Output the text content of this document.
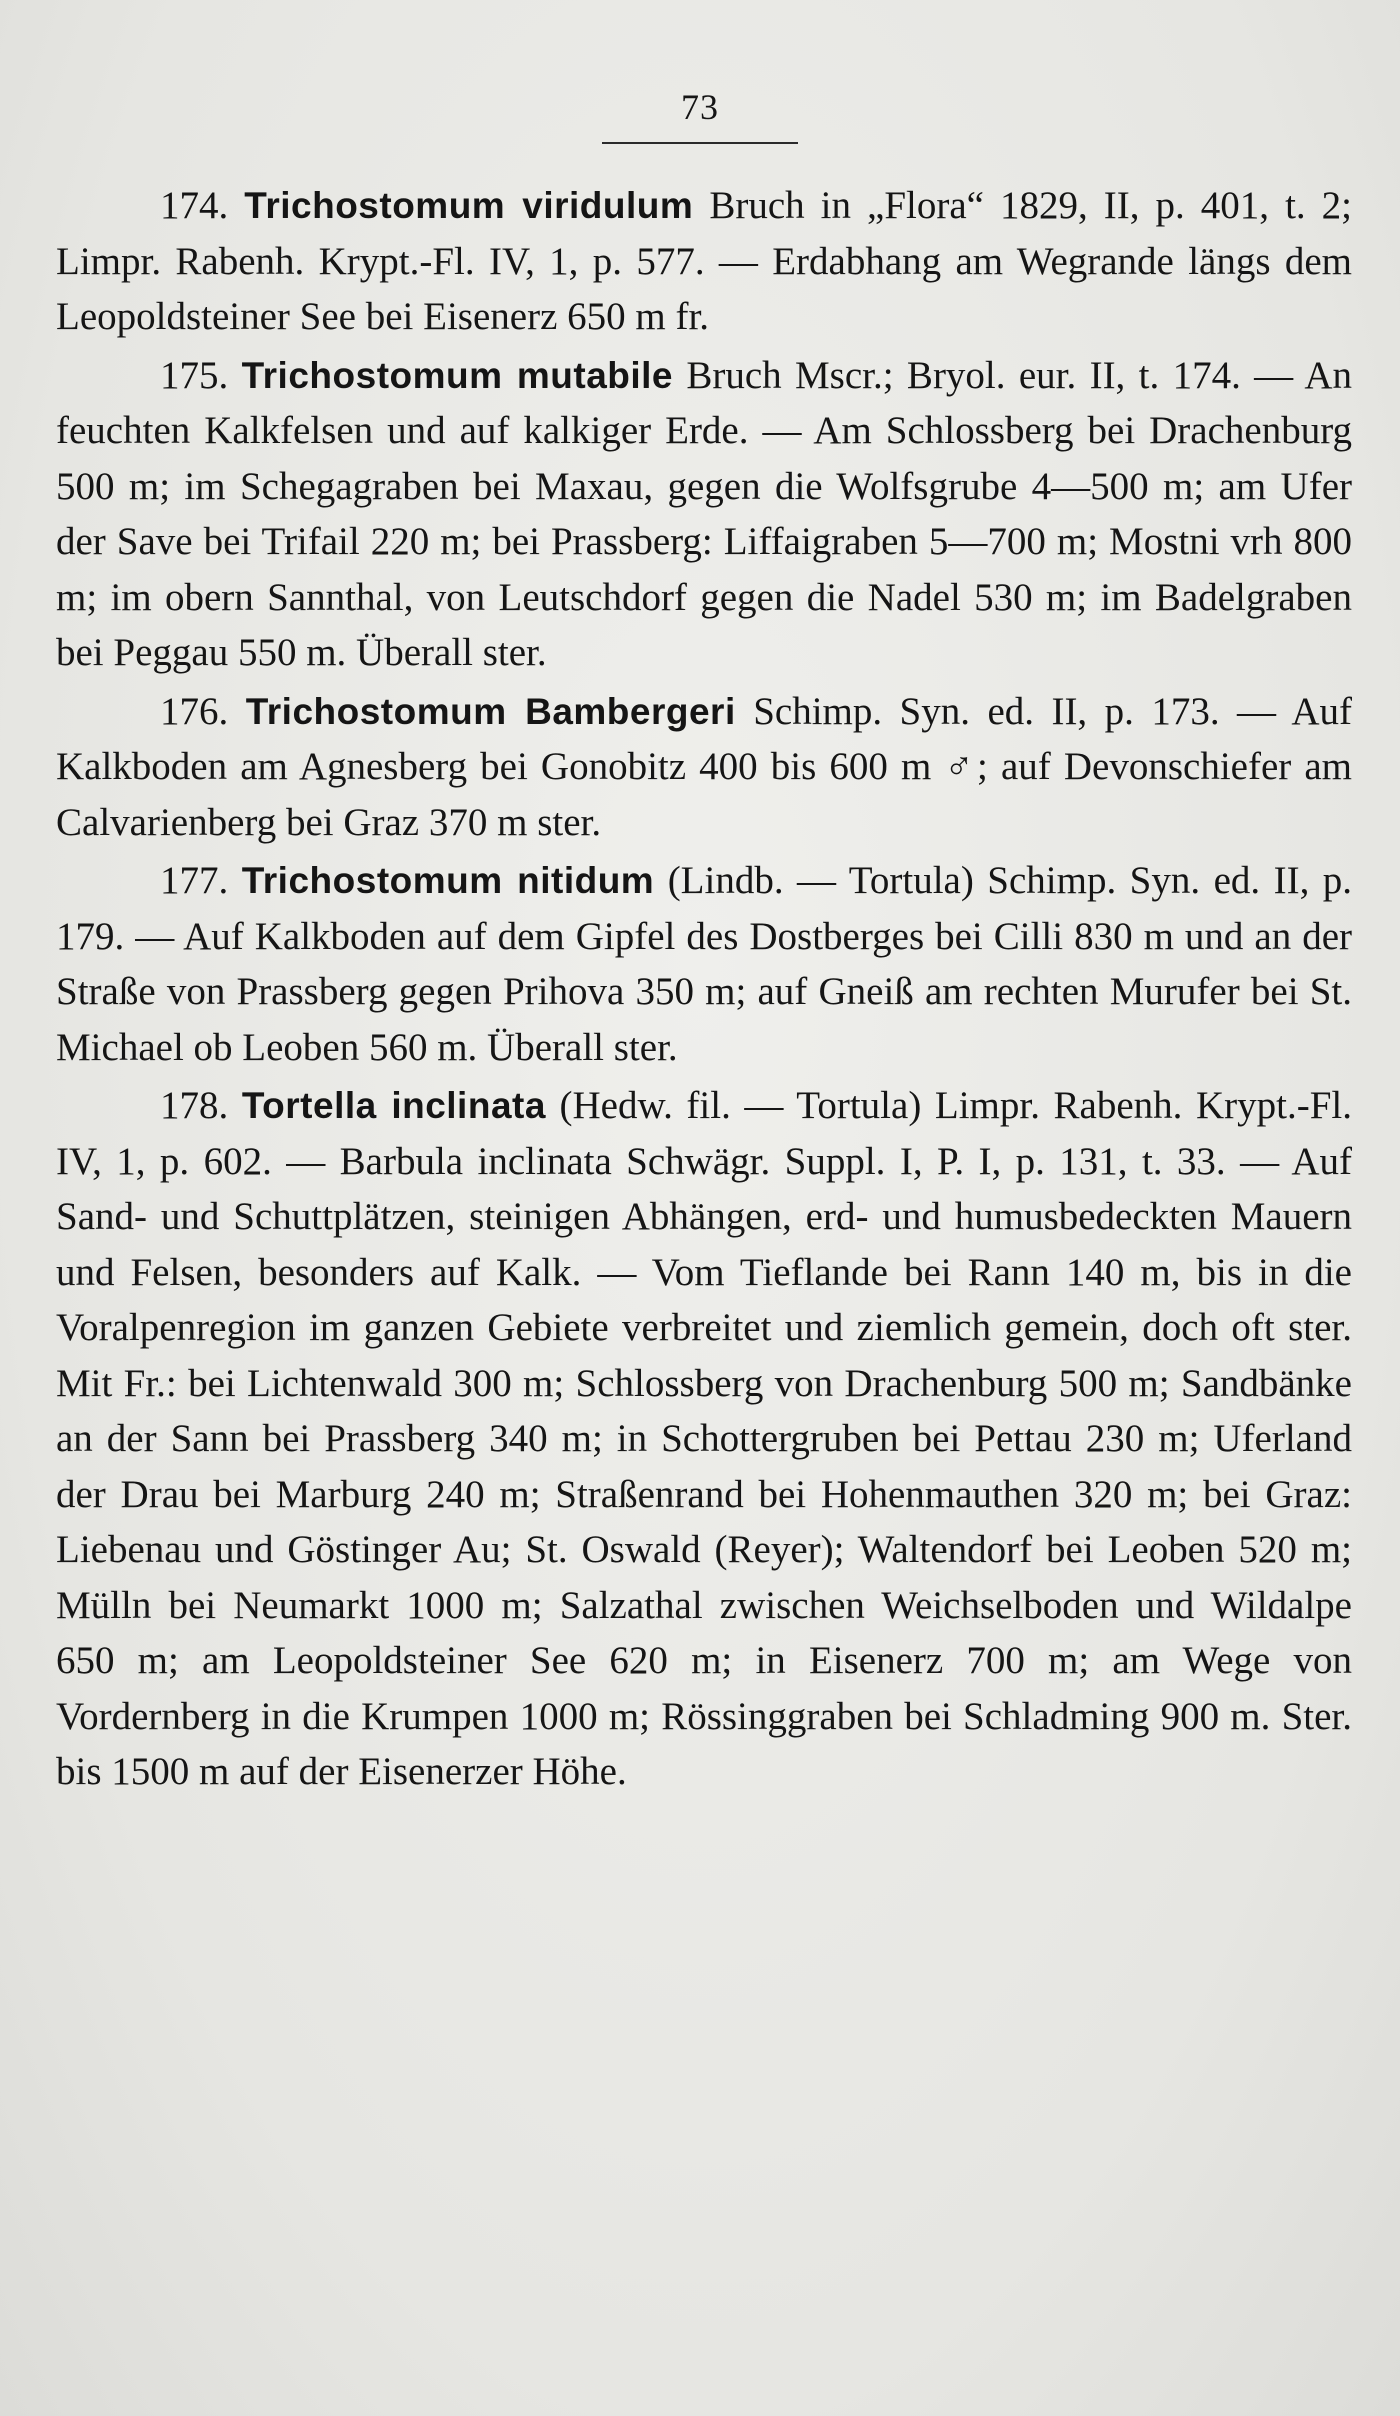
73

174. Trichostomum viridulum Bruch in „Flora“ 1829, II, p. 401, t. 2; Limpr. Rabenh. Krypt.-Fl. IV, 1, p. 577. — Erdabhang am Wegrande längs dem Leopoldsteiner See bei Eisenerz 650 m fr.

175. Trichostomum mutabile Bruch Mscr.; Bryol. eur. II, t. 174. — An feuchten Kalkfelsen und auf kalkiger Erde. — Am Schlossberg bei Drachenburg 500 m; im Schegagraben bei Maxau, gegen die Wolfsgrube 4—500 m; am Ufer der Save bei Trifail 220 m; bei Prassberg: Liffaigraben 5—700 m; Mostni vrh 800 m; im obern Sannthal, von Leutschdorf gegen die Nadel 530 m; im Badelgraben bei Peggau 550 m. Überall ster.

176. Trichostomum Bambergeri Schimp. Syn. ed. II, p. 173. — Auf Kalkboden am Agnesberg bei Gonobitz 400 bis 600 m ♂; auf Devonschiefer am Calvarienberg bei Graz 370 m ster.

177. Trichostomum nitidum (Lindb. — Tortula) Schimp. Syn. ed. II, p. 179. — Auf Kalkboden auf dem Gipfel des Dostberges bei Cilli 830 m und an der Straße von Prassberg gegen Prihova 350 m; auf Gneiß am rechten Murufer bei St. Michael ob Leoben 560 m. Überall ster.

178. Tortella inclinata (Hedw. fil. — Tortula) Limpr. Rabenh. Krypt.-Fl. IV, 1, p. 602. — Barbula inclinata Schwägr. Suppl. I, P. I, p. 131, t. 33. — Auf Sand- und Schuttplätzen, steinigen Abhängen, erd- und humusbedeckten Mauern und Felsen, besonders auf Kalk. — Vom Tieflande bei Rann 140 m, bis in die Voralpenregion im ganzen Gebiete verbreitet und ziemlich gemein, doch oft ster. Mit Fr.: bei Lichtenwald 300 m; Schlossberg von Drachenburg 500 m; Sandbänke an der Sann bei Prassberg 340 m; in Schottergruben bei Pettau 230 m; Uferland der Drau bei Marburg 240 m; Straßenrand bei Hohenmauthen 320 m; bei Graz: Liebenau und Göstinger Au; St. Oswald (Reyer); Waltendorf bei Leoben 520 m; Mülln bei Neumarkt 1000 m; Salzathal zwischen Weichselboden und Wildalpe 650 m; am Leopoldsteiner See 620 m; in Eisenerz 700 m; am Wege von Vordernberg in die Krumpen 1000 m; Rössinggraben bei Schladming 900 m. Ster. bis 1500 m auf der Eisenerzer Höhe.
